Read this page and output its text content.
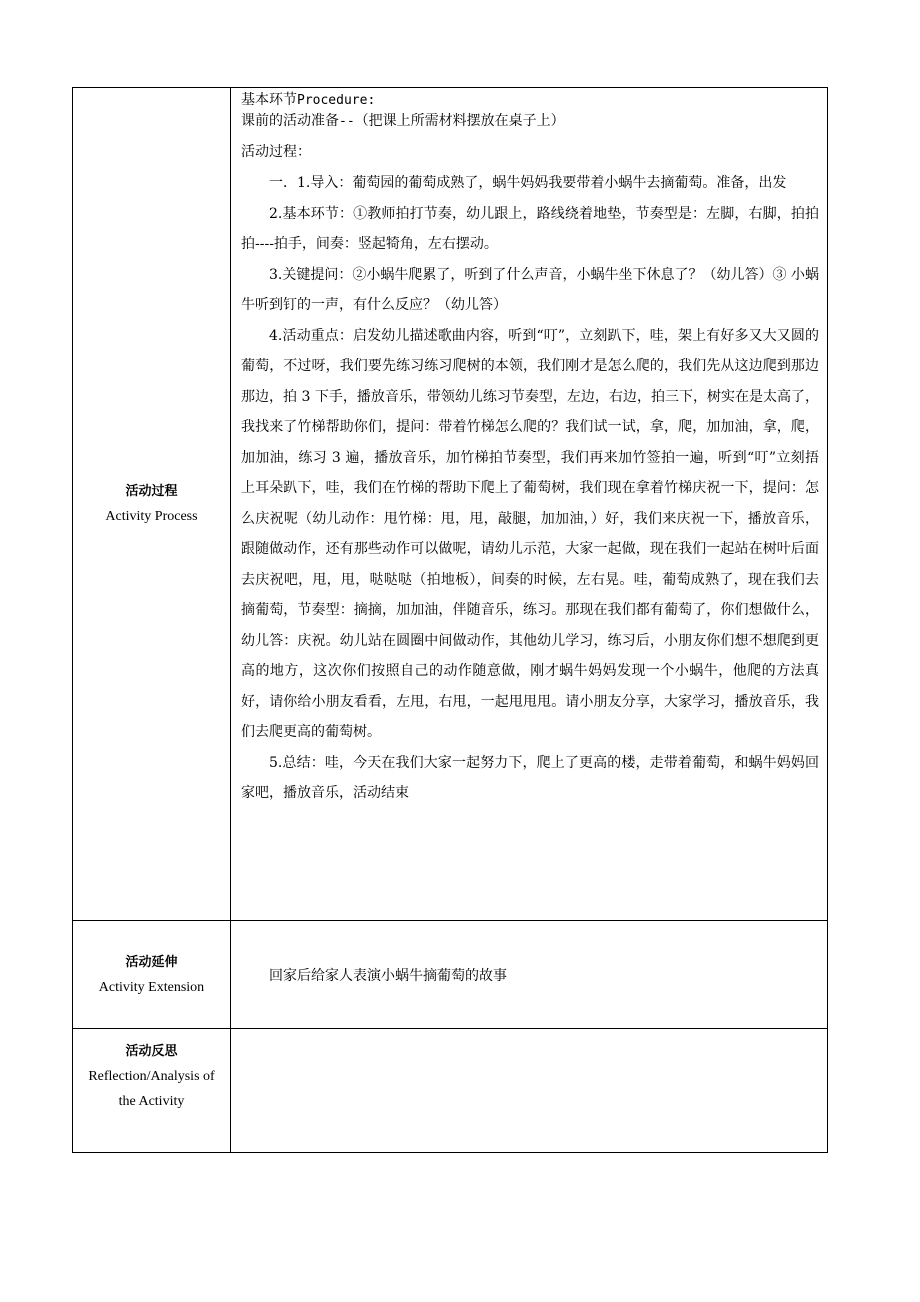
活动过程
Activity Process
基本环节Procedure:
课前的活动准备--（把课上所需材料摆放在桌子上）
活动过程：

一．1.导入：葡萄园的葡萄成熟了，蜗牛妈妈我要带着小蜗牛去摘葡萄。准备，出发

2.基本环节：①教师拍打节奏，幼儿跟上，路线绕着地垫，节奏型是：左脚，右脚，拍拍拍----拍手，间奏：竖起犄角，左右摆动。

3.关键提问：②小蜗牛爬累了，听到了什么声音，小蜗牛坐下休息了？（幼儿答）③ 小蜗牛听到钉的一声，有什么反应？（幼儿答）

4.活动重点：启发幼儿描述歌曲内容，听到“叮”，立刻趴下，哇，架上有好多又大又圆的葡萄，不过呀，我们要先练习练习爬树的本领，我们刚才是怎么爬的，我们先从这边爬到那边那边，拍 3 下手，播放音乐，带领幼儿练习节奏型，左边，右边，拍三下，树实在是太高了，我找来了竹梯帮助你们，提问：带着竹梯怎么爬的？我们试一试，拿，爬，加加油，拿，爬，加加油，练习 3 遍，播放音乐，加竹梯拍节奏型，我们再来加竹签拍一遍，听到“叮”立刻捂上耳朵趴下，哇，我们在竹梯的帮助下爬上了葡萄树，我们现在拿着竹梯庆祝一下，提问：怎么庆祝呢（幼儿动作：甩竹梯：甩，甩，敲腿，加加油，）好，我们来庆祝一下，播放音乐，跟随做动作，还有那些动作可以做呢，请幼儿示范，大家一起做，现在我们一起站在树叶后面去庆祝吧，甩，甩，哒哒哒（拍地板），间奏的时候，左右晃。哇，葡萄成熟了，现在我们去摘葡萄，节奏型：摘摘，加加油，伴随音乐，练习。那现在我们都有葡萄了，你们想做什么，幼儿答：庆祝。幼儿站在圆圈中间做动作，其他幼儿学习，练习后，小朋友你们想不想爬到更高的地方，这次你们按照自己的动作随意做，刚才蜗牛妈妈发现一个小蜗牛，他爬的方法真好，请你给小朋友看看，左甩，右甩，一起甩甩甩。请小朋友分享，大家学习，播放音乐，我们去爬更高的葡萄树。

5.总结：哇，今天在我们大家一起努力下，爬上了更高的楼，走带着葡萄，和蜗牛妈妈回家吧，播放音乐，活动结束

活动延伸
Activity Extension
回家后给家人表演小蜗牛摘葡萄的故事
活动反思
Reflection/Analysis of
the Activity
